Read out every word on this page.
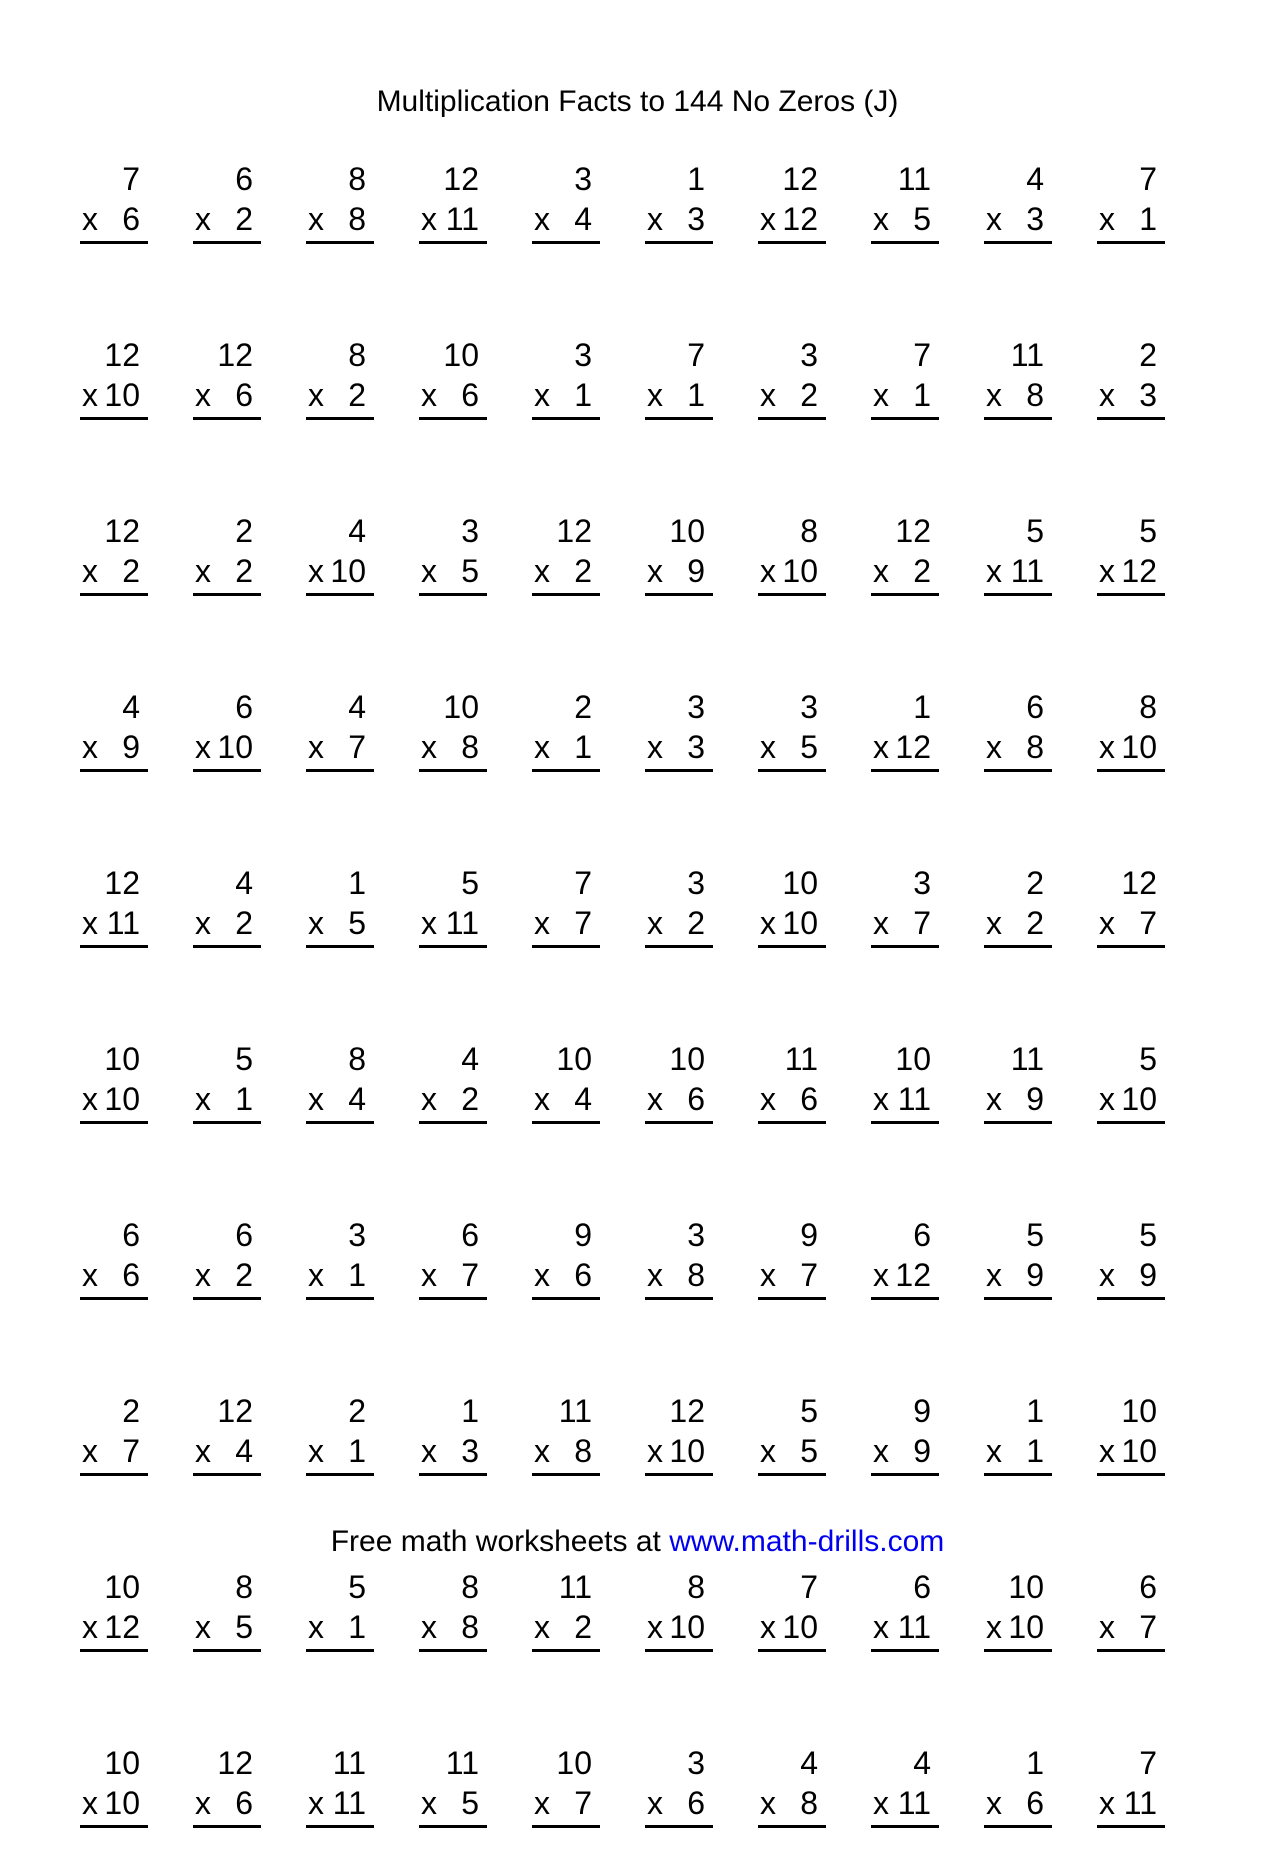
Multiplication Facts to 144 No Zeros (J)
7
x 6
6
x 2
8
x 8
12
x 11
3
x 4
1
x 3
12
x 12
11
x 5
4
x 3
7
x 1
12
x 10
12
x 6
8
x 2
10
x 6
3
x 1
7
x 1
3
x 2
7
x 1
11
x 8
2
x 3
12
x 2
2
x 2
4
x 10
3
x 5
12
x 2
10
x 9
8
x 10
12
x 2
5
x 11
5
x 12
4
x 9
6
x 10
4
x 7
10
x 8
2
x 1
3
x 3
3
x 5
1
x 12
6
x 8
8
x 10
12
x 11
4
x 2
1
x 5
5
x 11
7
x 7
3
x 2
10
x 10
3
x 7
2
x 2
12
x 7
10
x 10
5
x 1
8
x 4
4
x 2
10
x 4
10
x 6
11
x 6
10
x 11
11
x 9
5
x 10
6
x 6
6
x 2
3
x 1
6
x 7
9
x 6
3
x 8
9
x 7
6
x 12
5
x 9
5
x 9
2
x 7
12
x 4
2
x 1
1
x 3
11
x 8
12
x 10
5
x 5
9
x 9
1
x 1
10
x 10
10
x 12
8
x 5
5
x 1
8
x 8
11
x 2
8
x 10
7
x 10
6
x 11
10
x 10
6
x 7
10
x 10
12
x 6
11
x 11
11
x 5
10
x 7
3
x 6
4
x 8
4
x 11
1
x 6
7
x 11
Free math worksheets at www.math-drills.com
